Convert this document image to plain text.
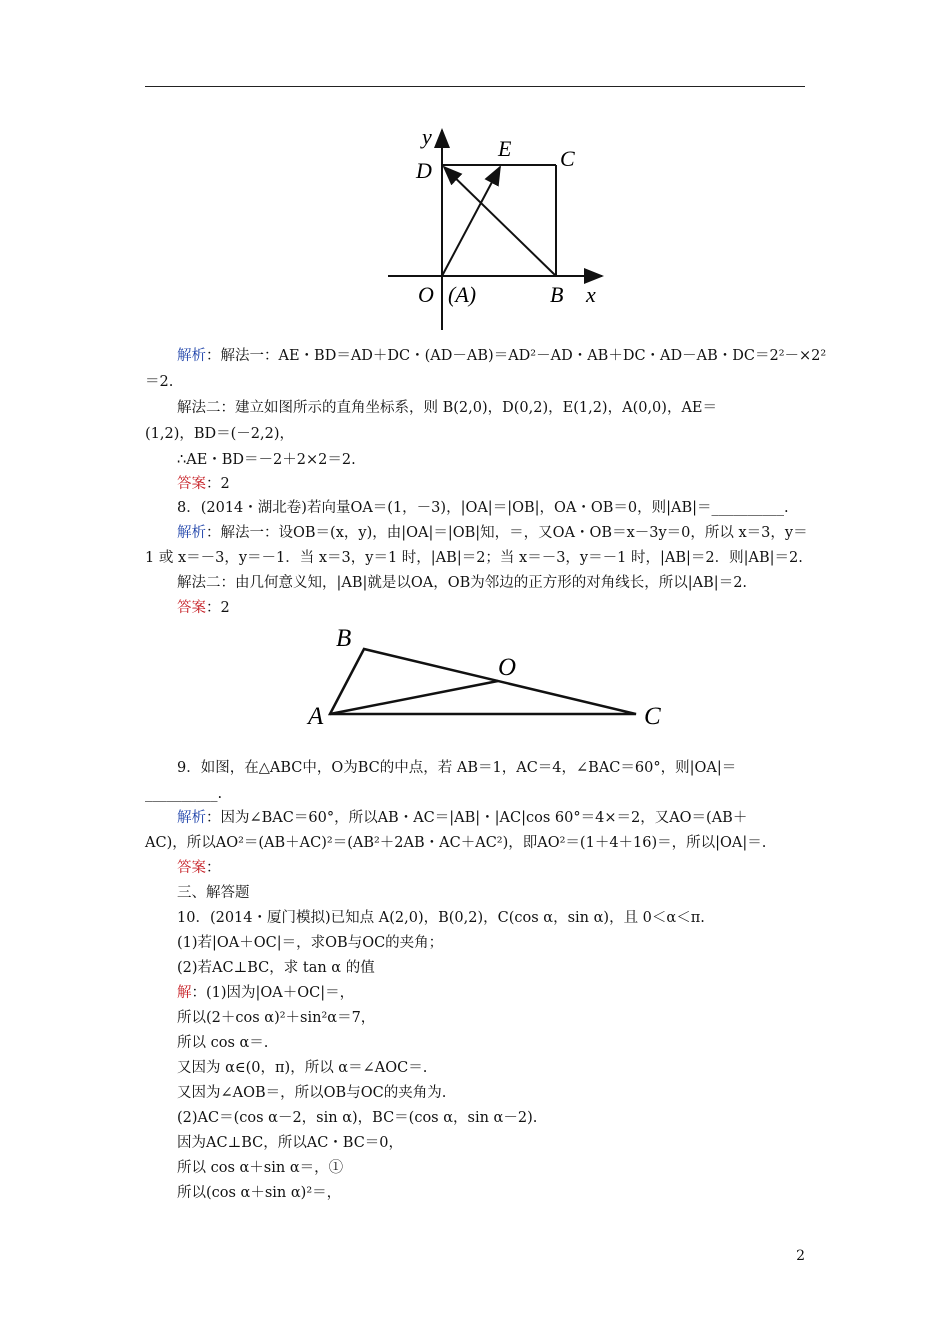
y
D
E C
O (A)	B x
B
O
A	C
解析：解法一：AE・BD＝AD＋DC・(AD－AB)＝AD²－AD・AB＋DC・AD－AB・DC＝2²－×2²
＝2.
解法二：建立如图所示的直角坐标系，则 B(2,0)，D(0,2)，E(1,2)，A(0,0)，AE＝
(1,2)，BD＝(－2,2)，
∴AE・BD＝－2＋2×2＝2.
答案：2
8．(2014・湖北卷)若向量OA＝(1，－3)，|OA|＝|OB|，OA・OB＝0，则|AB|＝__________.
解析：解法一：设OB＝(x，y)，由|OA|＝|OB|知，＝，又OA・OB＝x－3y＝0，所以 x＝3，y＝
1 或 x＝－3，y＝－1．当 x＝3，y＝1 时，|AB|＝2；当 x＝－3，y＝－1 时，|AB|＝2．则|AB|＝2.
解法二：由几何意义知，|AB|就是以OA，OB为邻边的正方形的对角线长，所以|AB|＝2.
答案：2
9．如图，在△ABC中，O为BC的中点，若 AB＝1，AC＝4，∠BAC＝60°，则|OA|＝
__________.
解析：因为∠BAC＝60°，所以AB・AC＝|AB|・|AC|cos 60°＝4×＝2，又AO＝(AB＋
AC)，所以AO²＝(AB＋AC)²＝(AB²＋2AB・AC＋AC²)，即AO²＝(1＋4＋16)＝，所以|OA|＝.
答案：
三、解答题
10．(2014・厦门模拟)已知点 A(2,0)，B(0,2)，C(cos α，sin α)，且 0＜α＜π.
(1)若|OA＋OC|＝，求OB与OC的夹角；
(2)若AC⊥BC，求 tan α 的值
解：(1)因为|OA＋OC|＝，
所以(2＋cos α)²＋sin²α＝7，
所以 cos α＝.
又因为 α∈(0，π)，所以 α＝∠AOC＝.
又因为∠AOB＝，所以OB与OC的夹角为.
(2)AC＝(cos α－2，sin α)，BC＝(cos α，sin α－2).
因为AC⊥BC，所以AC・BC＝0，
所以 cos α＋sin α＝，①
所以(cos α＋sin α)²＝，
2
